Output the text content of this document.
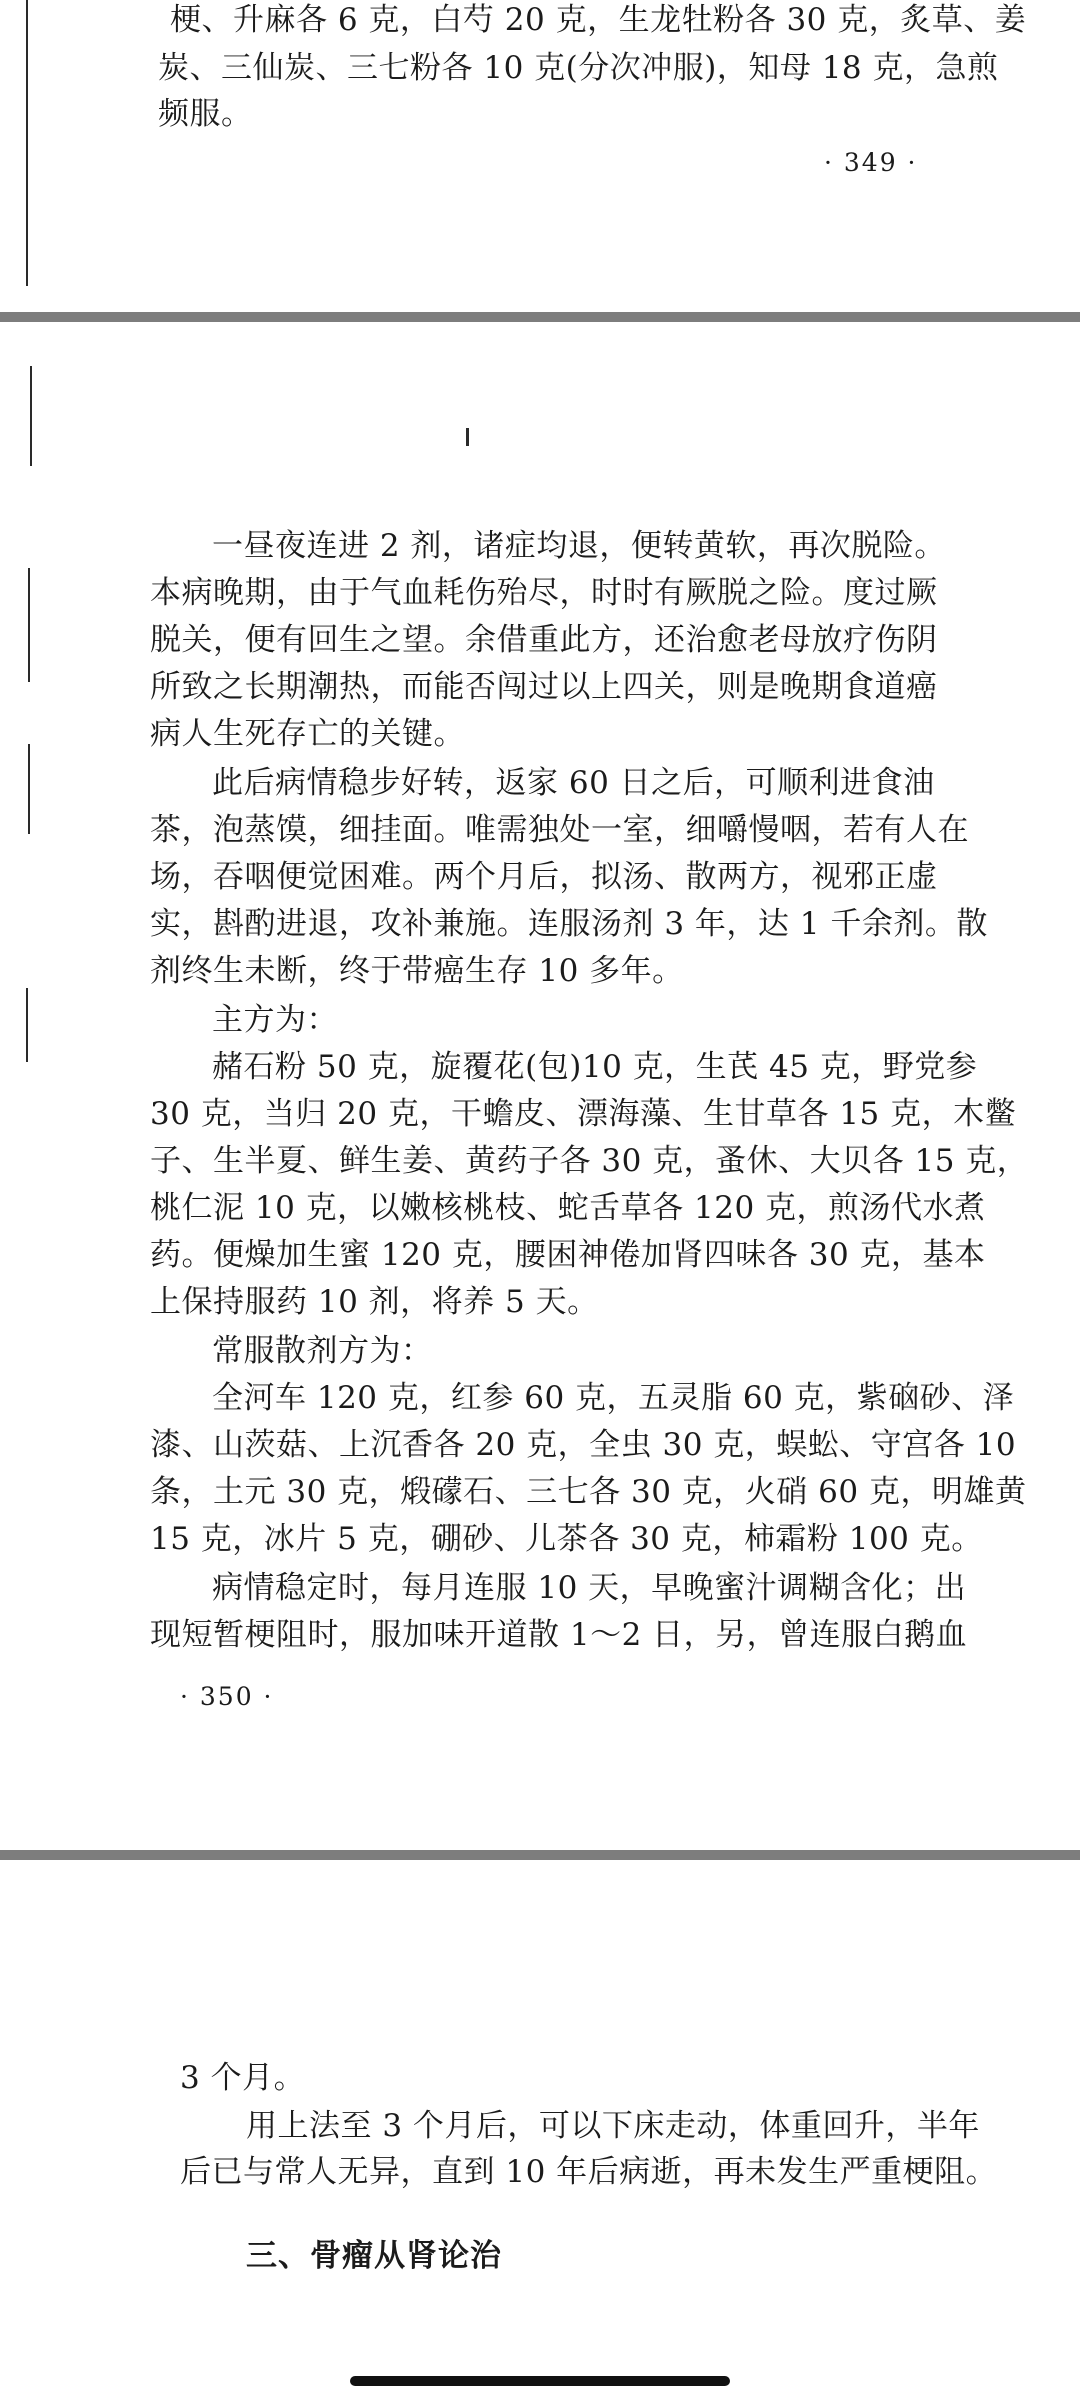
梗、升麻各 6 克，白芍 20 克，生龙牡粉各 30 克，炙草、姜
炭、三仙炭、三七粉各 10 克(分次冲服)，知母 18 克，急煎
频服。
· 349 ·
一昼夜连进 2 剂，诸症均退，便转黄软，再次脱险。
本病晚期，由于气血耗伤殆尽，时时有厥脱之险。度过厥
脱关，便有回生之望。余借重此方，还治愈老母放疗伤阴
所致之长期潮热，而能否闯过以上四关，则是晚期食道癌
病人生死存亡的关键。
此后病情稳步好转，返家 60 日之后，可顺利进食油
茶，泡蒸馍，细挂面。唯需独处一室，细嚼慢咽，若有人在
场，吞咽便觉困难。两个月后，拟汤、散两方，视邪正虚
实，斟酌进退，攻补兼施。连服汤剂 3 年，达 1 千余剂。散
剂终生未断，终于带癌生存 10 多年。
主方为：
赭石粉 50 克，旋覆花(包)10 克，生芪 45 克，野党参
30 克，当归 20 克，干蟾皮、漂海藻、生甘草各 15 克，木鳖
子、生半夏、鲜生姜、黄药子各 30 克，蚤休、大贝各 15 克，
桃仁泥 10 克，以嫩核桃枝、蛇舌草各 120 克，煎汤代水煮
药。便燥加生蜜 120 克，腰困神倦加肾四味各 30 克，基本
上保持服药 10 剂，将养 5 天。
常服散剂方为：
全河车 120 克，红参 60 克，五灵脂 60 克，紫硇砂、泽
漆、山茨菇、上沉香各 20 克，全虫 30 克，蜈蚣、守宫各 10
条，土元 30 克，煅礞石、三七各 30 克，火硝 60 克，明雄黄
15 克，冰片 5 克，硼砂、儿茶各 30 克，柿霜粉 100 克。
病情稳定时，每月连服 10 天，早晚蜜汁调糊含化；出
现短暂梗阻时，服加味开道散 1～2 日，另，曾连服白鹅血
· 350 ·
3 个月。
用上法至 3 个月后，可以下床走动，体重回升，半年
后已与常人无异，直到 10 年后病逝，再未发生严重梗阻。
三、骨瘤从肾论治
